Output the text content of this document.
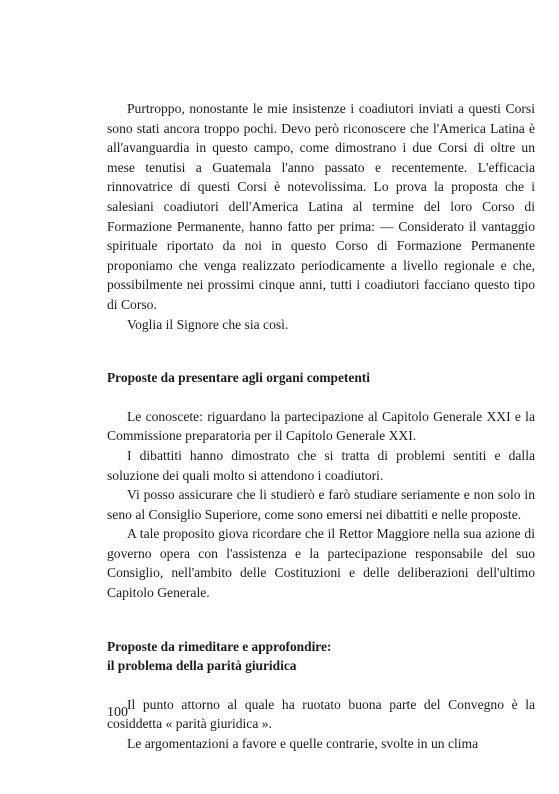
Purtroppo, nonostante le mie insistenze i coadiutori inviati a questi Corsi sono stati ancora troppo pochi. Devo però riconoscere che l'America Latina è all'avanguardia in questo campo, come dimostrano i due Corsi di oltre un mese tenutisi a Guatemala l'anno passato e recentemente. L'efficacia rinnovatrice di questi Corsi è notevolissima. Lo prova la proposta che i salesiani coadiutori dell'America Latina al termine del loro Corso di Formazione Permanente, hanno fatto per prima: — Considerato il vantaggio spirituale riportato da noi in questo Corso di Formazione Permanente proponiamo che venga realizzato periodicamente a livello regionale e che, possibilmente nei prossimi cinque anni, tutti i coadiutori facciano questo tipo di Corso.

Voglia il Signore che sia così.

Proposte da presentare agli organi competenti

Le conoscete: riguardano la partecipazione al Capitolo Generale XXI e la Commissione preparatoria per il Capitolo Generale XXI.

I dibattiti hanno dimostrato che si tratta di problemi sentiti e dalla soluzione dei quali molto si attendono i coadiutori.

Vi posso assicurare che li studierò e farò studiare seriamente e non solo in seno al Consiglio Superiore, come sono emersi nei dibattiti e nelle proposte.

A tale proposito giova ricordare che il Rettor Maggiore nella sua azione di governo opera con l'assistenza e la partecipazione responsabile del suo Consiglio, nell'ambito delle Costituzioni e delle deliberazioni dell'ultimo Capitolo Generale.

Proposte da rimeditare e approfondire:

il problema della parità giuridica

Il punto attorno al quale ha ruotato buona parte del Convegno è la cosiddetta « parità giuridica ».

Le argomentazioni a favore e quelle contrarie, svolte in un clima

100
